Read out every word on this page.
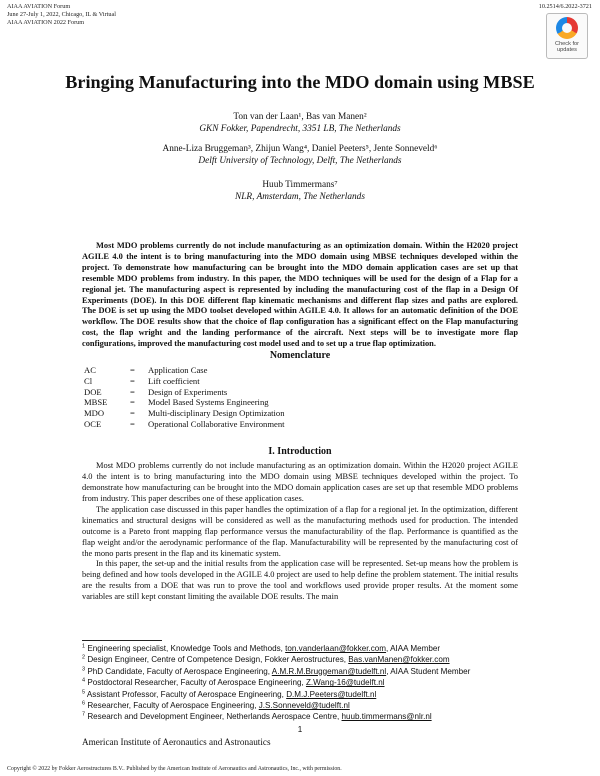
AIAA AVIATION Forum
June 27-July 1, 2022, Chicago, IL & Virtual
AIAA AVIATION 2022 Forum
10.2514/6.2022-3721
Check for updates
Bringing Manufacturing into the MDO domain using MBSE
Ton van der Laan¹, Bas van Manen²
GKN Fokker, Papendrecht, 3351 LB, The Netherlands
Anne-Liza Bruggeman³, Zhijun Wang⁴, Daniel Peeters⁵, Jente Sonneveld⁶
Delft University of Technology, Delft, The Netherlands
Huub Timmermans⁷
NLR, Amsterdam, The Netherlands

Most MDO problems currently do not include manufacturing as an optimization domain. Within the H2020 project AGILE 4.0 the intent is to bring manufacturing into the MDO domain using MBSE techniques developed within the project. To demonstrate how manufacturing can be brought into the MDO domain application cases are set up that resemble MDO problems from industry. In this paper, the MDO techniques will be used for the design of a Flap for a regional jet. The manufacturing aspect is represented by including the manufacturing cost of the flap in a Design Of Experiments (DOE). In this DOE different flap kinematic mechanisms and different flap sizes and paths are explored. The DOE is set up using the MDO toolset developed within AGILE 4.0. It allows for an automatic definition of the DOE workflow. The DOE results show that the choice of flap configuration has a significant effect on the Flap manufacturing cost, the flap wright and the landing performance of the aircraft. Next steps will be to investigate more flap configurations, improved the manufacturing cost model used and to set up a true flap optimization.

Nomenclature
AC	=	Application Case
Cl	=	Lift coefficient
DOE	=	Design of Experiments
MBSE	=	Model Based Systems Engineering
MDO	=	Multi-disciplinary Design Optimization
OCE	=	Operational Collaborative Environment
I. Introduction

Most MDO problems currently do not include manufacturing as an optimization domain. Within the H2020 project AGILE 4.0 the intent is to bring manufacturing into the MDO domain using MBSE techniques developed within the project. To demonstrate how manufacturing can be brought into the MDO domain application cases are set up that resemble MDO problems from industry. This paper describes one of these application cases.

The application case discussed in this paper handles the optimization of a flap for a regional jet. In the optimization, different kinematics and structural designs will be considered as well as the manufacturing methods used for production. The intended outcome is a Pareto front mapping flap performance versus the manufacturability of the flap. Performance is quantified as the flap weight and/or the aerodynamic performance of the flap. Manufacturability will be represented by the manufacturing cost of the mono parts present in the flap and its kinematic system.

In this paper, the set-up and the initial results from the application case will be represented. Set-up means how the problem is being defined and how tools developed in the AGILE 4.0 project are used to help define the problem statement. The initial results are the results from a DOE that was run to prove the tool and workflows used provide proper results. At the moment some variables are still kept constant limiting the available DOE results. The main

$^1$ Engineering specialist, Knowledge Tools and Methods, ton.vanderlaan@fokker.com, AIAA Member
$^2$ Design Engineer, Centre of Competence Design, Fokker Aerostructures, Bas.vanManen@fokker.com
$^3$ PhD Candidate, Faculty of Aerospace Engineering, A.M.R.M.Bruggeman@tudelft.nl, AIAA Student Member
$^4$ Postdoctoral Researcher, Faculty of Aerospace Engineering, Z.Wang-16@tudelft.nl
$^5$ Assistant Professor, Faculty of Aerospace Engineering, D.M.J.Peeters@tudelft.nl
$^6$ Researcher, Faculty of Aerospace Engineering, J.S.Sonneveld@tudelft.nl
$^7$ Research and Development Engineer, Netherlands Aerospace Centre, huub.timmermans@nlr.nl
1
American Institute of Aeronautics and Astronautics
Copyright © 2022 by Fokker Aerostructures B.V.. Published by the American Institute of Aeronautics and Astronautics, Inc., with permission.
